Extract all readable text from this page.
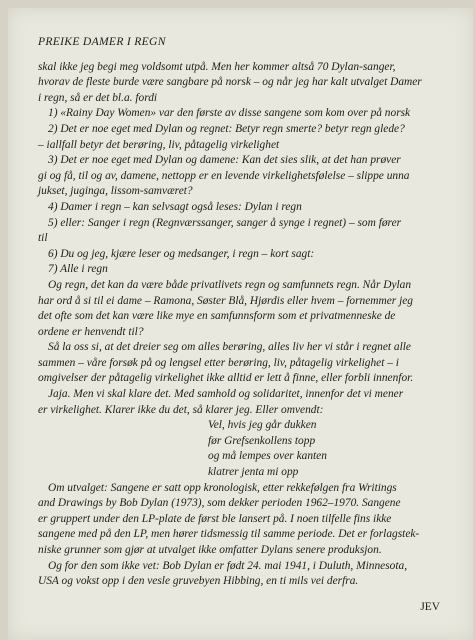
PREIKE DAMER I REGN
skal ikke jeg begi meg voldsomt utpå. Men her kommer altså 70 Dylan-sanger,
hvorav de fleste burde være sangbare på norsk – og når jeg har kalt utvalget Damer
i regn, så er det bl.a. fordi
1) «Rainy Day Women» var den første av disse sangene som kom over på norsk
2) Det er noe eget med Dylan og regnet: Betyr regn smerte? betyr regn glede?
– iallfall betyr det berøring, liv, påtagelig virkelighet
3) Det er noe eget med Dylan og damene: Kan det sies slik, at det han prøver
gi og få, til og av, damene, nettopp er en levende virkelighetsfølelse – slippe unna
jukset, juginga, lissom-samværet?
4) Damer i regn – kan selvsagt også leses: Dylan i regn
5) eller: Sanger i regn (Regnværssanger, sanger å synge i regnet) – som fører
til
6) Du og jeg, kjære leser og medsanger, i regn – kort sagt:
7) Alle i regn
Og regn, det kan da være både privatlivets regn og samfunnets regn. Når Dylan
har ord å si til ei dame – Ramona, Søster Blå, Hjørdis eller hvem – fornemmer jeg
det ofte som det kan være like mye en samfunnsform som et privatmenneske de
ordene er henvendt til?
Så la oss si, at det dreier seg om alles berøring, alles liv her vi står i regnet alle
sammen – våre forsøk på og lengsel etter berøring, liv, påtagelig virkelighet – i
omgivelser der påtagelig virkelighet ikke alltid er lett å finne, eller forbli innenfor.
Jaja. Men vi skal klare det. Med samhold og solidaritet, innenfor det vi mener
er virkelighet. Klarer ikke du det, så klarer jeg. Eller omvendt:
Vel, hvis jeg går dukken
før Grefsenkollens topp
og må lempes over kanten
klatrer jenta mi opp
Om utvalget: Sangene er satt opp kronologisk, etter rekkefølgen fra Writings
and Drawings by Bob Dylan (1973), som dekker perioden 1962–1970. Sangene
er gruppert under den LP-plate de først ble lansert på. I noen tilfelle fins ikke
sangene med på den LP, men hører tidsmessig til samme periode. Det er forlagstek-
niske grunner som gjør at utvalget ikke omfatter Dylans senere produksjon.
Og for den som ikke vet: Bob Dylan er født 24. mai 1941, i Duluth, Minnesota,
USA og vokst opp i den vesle gruvebyen Hibbing, en ti mils vei derfra.
JEV
